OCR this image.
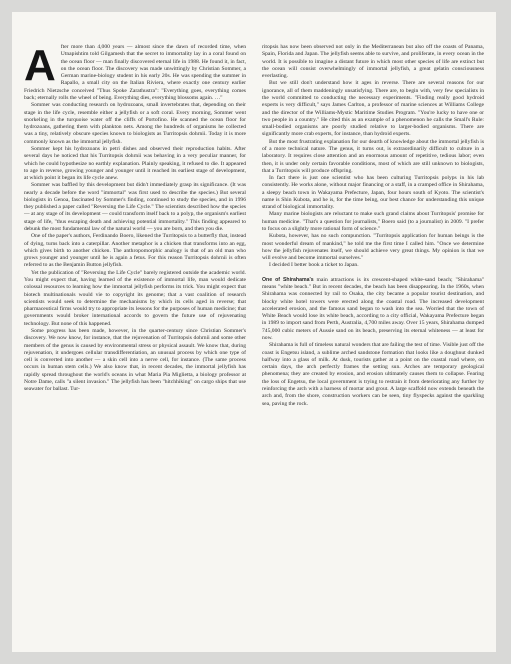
A fter more than 4,000 years — almost since the dawn of recorded time, when Utnapishtim told Gilgamesh that the secret to immortality lay in a coral found on the ocean floor — man finally discovered eternal life in 1988. He found it, in fact, on the ocean floor. The discovery was made unwittingly by Christian Sommer, a German marine-biology student in his early 20s. He was spending the summer in Rapallo, a small city on the Italian Riviera, where exactly one century earlier Friedrich Nietzsche conceived "Thus Spoke Zarathustra": "Everything goes, everything comes back; eternally rolls the wheel of being. Everything dies, everything blossoms again. …"

Sommer was conducting research on hydrozoans, small invertebrates that, depending on their stage in the life cycle, resemble either a jellyfish or a soft coral. Every morning, Sommer went snorkeling in the turquoise water off the cliffs of Portofino. He scanned the ocean floor for hydrozoans, gathering them with plankton nets. Among the hundreds of organisms he collected was a tiny, relatively obscure species known to biologists as Turritopsis dohrnii. Today it is more commonly known as the immortal jellyfish.

Sommer kept his hydrozoans in petri dishes and observed their reproduction habits. After several days he noticed that his Turritopsis dohrnii was behaving in a very peculiar manner, for which he could hypothesize no earthly explanation. Plainly speaking, it refused to die. It appeared to age in reverse, growing younger and younger until it reached its earliest stage of development, at which point it began its life cycle anew.

Sommer was baffled by this development but didn't immediately grasp its significance. (It was nearly a decade before the word "immortal" was first used to describe the species.) But several biologists in Genoa, fascinated by Sommer's finding, continued to study the species, and in 1996 they published a paper called "Reversing the Life Cycle." The scientists described how the species — at any stage of its development — could transform itself back to a polyp, the organism's earliest stage of life, "thus escaping death and achieving potential immortality." This finding appeared to debunk the most fundamental law of the natural world — you are born, and then you die.

One of the paper's authors, Ferdinando Boero, likened the Turritopsis to a butterfly that, instead of dying, turns back into a caterpillar. Another metaphor is a chicken that transforms into an egg, which gives birth to another chicken. The anthropomorphic analogy is that of an old man who grows younger and younger until he is again a fetus. For this reason Turritopsis dohrnii is often referred to as the Benjamin Button jellyfish.

Yet the publication of "Reversing the Life Cycle" barely registered outside the academic world. You might expect that, having learned of the existence of immortal life, man would dedicate colossal resources to learning how the immortal jellyfish performs its trick. You might expect that biotech multinationals would vie to copyright its genome; that a vast coalition of research scientists would seek to determine the mechanisms by which its cells aged in reverse; that pharmaceutical firms would try to appropriate its lessons for the purposes of human medicine; that governments would broker international accords to govern the future use of rejuvenating technology. But none of this happened.

Some progress has been made, however, in the quarter-century since Christian Sommer's discovery. We now know, for instance, that the rejuvenation of Turritopsis dohrnii and some other members of the genus is caused by environmental stress or physical assault. We know that, during rejuvenation, it undergoes cellular transdifferentiation, an unusual process by which one type of cell is converted into another — a skin cell into a nerve cell, for instance. (The same process occurs in human stem cells.) We also know that, in recent decades, the immortal jellyfish has rapidly spread throughout the world's oceans in what Maria Pia Miglietta, a biology professor at Notre Dame, calls "a silent invasion." The jellyfish has been "hitchhiking" on cargo ships that use seawater for ballast. Tur-

ritopsis has now been observed not only in the Mediterranean but also off the coasts of Panama, Spain, Florida and Japan. The jellyfish seems able to survive, and proliferate, in every ocean in the world. It is possible to imagine a distant future in which most other species of life are extinct but the ocean will consist overwhelmingly of immortal jellyfish, a great gelatin consciousness everlasting.

But we still don't understand how it ages in reverse. There are several reasons for our ignorance, all of them maddeningly unsatisfying. There are, to begin with, very few specialists in the world committed to conducting the necessary experiments. "Finding really good hydroid experts is very difficult," says James Carlton, a professor of marine sciences at Williams College and the director of the Williams-Mystic Maritime Studies Program. "You're lucky to have one or two people in a country." He cited this as an example of a phenomenon he calls the Small's Rule: small-bodied organisms are poorly studied relative to larger-bodied organisms. There are significantly more crab experts, for instance, than hydroid experts.

But the most frustrating explanation for our dearth of knowledge about the immortal jellyfish is of a more technical nature. The genus, it turns out, is extraordinarily difficult to culture in a laboratory. It requires close attention and an enormous amount of repetitive, tedious labor; even then, it is under only certain favorable conditions, most of which are still unknown to biologists, that a Turritopsis will produce offspring.

In fact there is just one scientist who has been culturing Turritopsis polyps in his lab consistently. He works alone, without major financing or a staff, in a cramped office in Shirahama, a sleepy beach town in Wakayama Prefecture, Japan, four hours south of Kyoto. The scientist's name is Shin Kubota, and he is, for the time being, our best chance for understanding this unique strand of biological immortality.

Many marine biologists are reluctant to make such grand claims about Turritopsis' promise for human medicine. "That's a question for journalists," Boero said (to a journalist) in 2009. "I prefer to focus on a slightly more rational form of science."

Kubota, however, has no such compunction. "Turritopsis application for human beings is the most wonderful dream of mankind," he told me the first time I called him. "Once we determine how the jellyfish rejuvenates itself, we should achieve very great things. My opinion is that we will evolve and become immortal ourselves."

I decided I better book a ticket to Japan.

One of Shirahama's main attractions is its crescent-shaped white-sand beach; "Shirahama" means "white beach." But in recent decades, the beach has been disappearing. In the 1960s, when Shirahama was connected by rail to Osaka, the city became a popular tourist destination, and blocky white hotel towers were erected along the coastal road. The increased development accelerated erosion, and the famous sand began to wash into the sea. Worried that the town of White Beach would lose its white beach, according to a city official, Wakayama Prefecture began in 1989 to import sand from Perth, Australia, 4,700 miles away. Over 15 years, Shirahama dumped 745,000 cubic meters of Aussie sand on its beach, preserving its eternal whiteness — at least for now.

Shirahama is full of timeless natural wonders that are failing the test of time. Visible just off the coast is Engetsu island, a sublime arched sandstone formation that looks like a doughnut dunked halfway into a glass of milk. At dusk, tourists gather at a point on the coastal road where, on certain days, the arch perfectly frames the setting sun. Arches are temporary geological phenomena; they are created by erosion, and erosion ultimately causes them to collapse. Fearing the loss of Engetsu, the local government is trying to restrain it from deteriorating any further by reinforcing the arch with a harness of mortar and grout. A large scaffold now extends beneath the arch and, from the shore, construction workers can be seen, tiny flyspecks against the sparkling sea, paving the rock.
